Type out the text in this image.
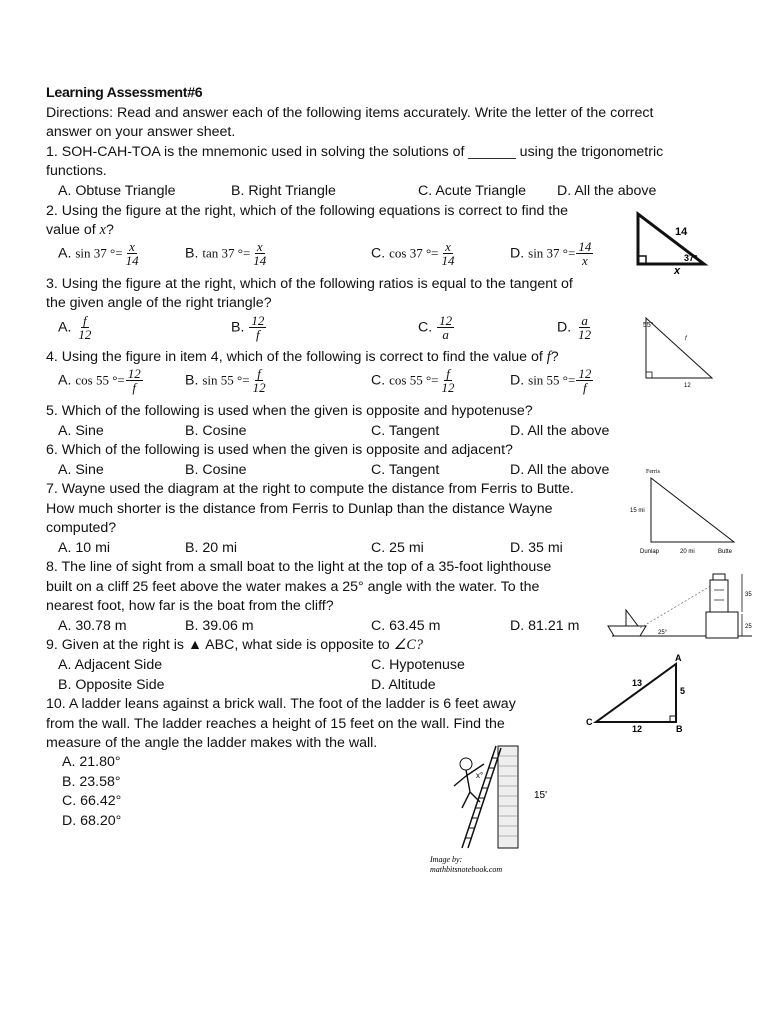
Learning Assessment#6
Directions: Read and answer each of the following items accurately. Write the letter of the correct
answer on your answer sheet.
1. SOH-CAH-TOA is the mnemonic used in solving the solutions of ______ using the trigonometric
functions.
A. Obtuse Triangle	B. Right Triangle	C. Acute Triangle D. All the above
2. Using the figure at the right, which of the following equations is correct to find the
value of x?
A. sin 37 °= $\frac{x}{14}$	B. tan 37 °= $\frac{x}{14}$	C. cos 37 °= $\frac{x}{14}$	D. sin 37 °= $\frac{14}{x}$
3. Using the figure at the right, which of the following ratios is equal to the tangent of
the given angle of the right triangle?
A. $\frac{f}{12}$	B. $\frac{12}{f}$	C. $\frac{12}{a}$	D. $\frac{a}{12}$
4. Using the figure in item 4, which of the following is correct to find the value of f?
A. cos 55 °= $\frac{12}{f}$	B. sin 55 °= $\frac{f}{12}$	C. cos 55 °= $\frac{f}{12}$	D. sin 55 °= $\frac{12}{f}$
5. Which of the following is used when the given is opposite and hypotenuse?
A. Sine	B. Cosine	C. Tangent	D. All the above
6. Which of the following is used when the given is opposite and adjacent?
A. Sine	B. Cosine	C. Tangent	D. All the above
7. Wayne used the diagram at the right to compute the distance from Ferris to Butte.
How much shorter is the distance from Ferris to Dunlap than the distance Wayne
computed?
A. 10 mi	B. 20 mi	C. 25 mi	D. 35 mi
8. The line of sight from a small boat to the light at the top of a 35-foot lighthouse
built on a cliff 25 feet above the water makes a 25° angle with the water. To the
nearest foot, how far is the boat from the cliff?
A. 30.78 m	B. 39.06 m	C. 63.45 m	D. 81.21 m
9. Given at the right is ▲ ABC, what side is opposite to ∠C?
A. Adjacent Side	C. Hypotenuse
B. Opposite Side	D. Altitude
10. A ladder leans against a brick wall. The foot of the ladder is 6 feet away
from the wall. The ladder reaches a height of 15 feet on the wall. Find the
measure of the angle the ladder makes with the wall.
A. 21.80°
B. 23.58°
C. 66.42°
D. 68.20°
14
37°
x
55°
f
12
Ferris
15 mi
Dunlap	20 mi	Butte
35
25
25°
A
B
C
13
5
12
x°
15'
Image by:
mathbitsnotebook.com
